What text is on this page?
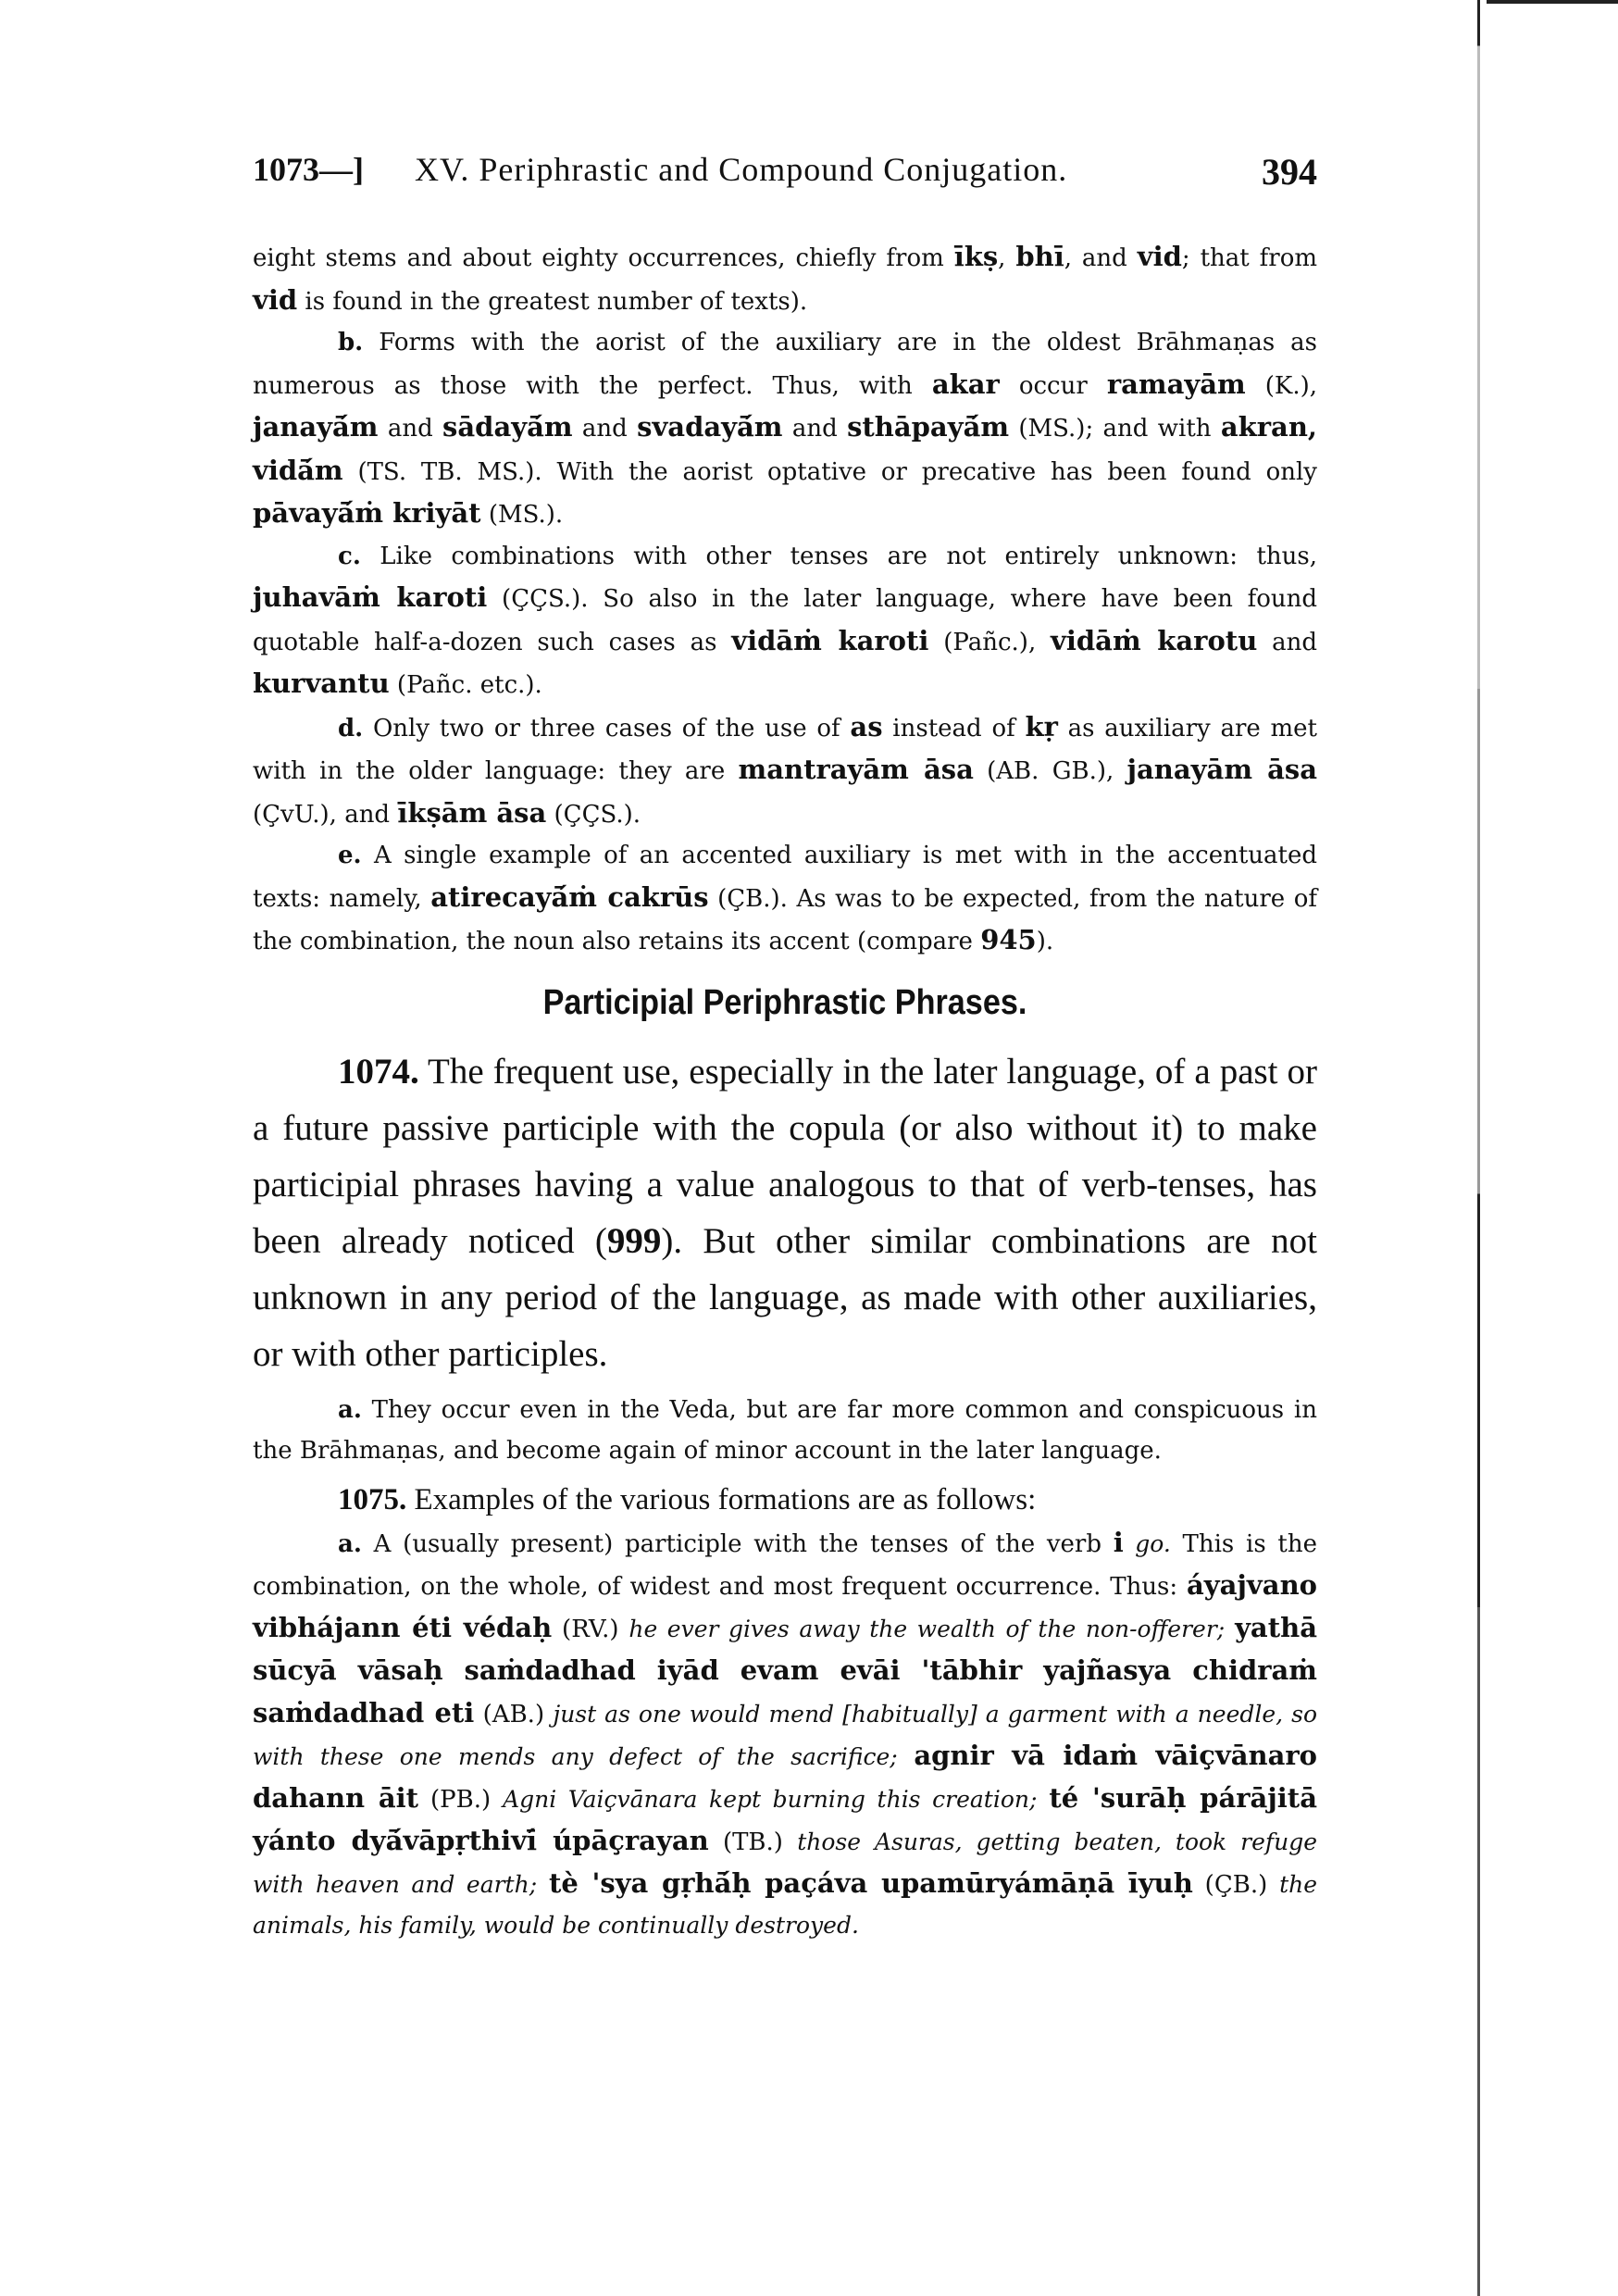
1073—] XV. Periphrastic and Compound Conjugation.	394

eight stems and about eighty occurrences, chiefly from īkṣ, bhī, and vid; that from vid is found in the greatest number of texts).

b. Forms with the aorist of the auxiliary are in the oldest Brāhmaṇas as numerous as those with the perfect. Thus, with akar occur ramayām (K.), janayā́m and sādayā́m and svadayā́m and sthāpayā́m (MS.); and with akran, vidā́m (TS. TB. MS.). With the aorist optative or precative has been found only pāvayā́ṁ kriyāt (MS.).

c. Like combinations with other tenses are not entirely unknown: thus, juhavāṁ karoti (ÇÇS.). So also in the later language, where have been found quotable half-a-dozen such cases as vidāṁ karoti (Pañc.), vidāṁ karotu and kurvantu (Pañc. etc.).

d. Only two or three cases of the use of as instead of kṛ as auxiliary are met with in the older language: they are mantrayām āsa (AB. GB.), janayām āsa (ÇvU.), and īkṣām āsa (ÇÇS.).

e. A single example of an accented auxiliary is met with in the accentuated texts: namely, atirecayā́ṁ cakrūs (ÇB.). As was to be expected, from the nature of the combination, the noun also retains its accent (compare 945).

Participial Periphrastic Phrases.

1074. The frequent use, especially in the later language, of a past or a future passive participle with the copula (or also without it) to make participial phrases having a value analogous to that of verb-tenses, has been already noticed (999). But other similar combinations are not unknown in any period of the language, as made with other auxiliaries, or with other participles.

a. They occur even in the Veda, but are far more common and conspicuous in the Brāhmaṇas, and become again of minor account in the later language.

1075. Examples of the various formations are as follows:

a. A (usually present) participle with the tenses of the verb i go. This is the combination, on the whole, of widest and most frequent occurrence. Thus: áyajvano vibhájann éti védaḥ (RV.) he ever gives away the wealth of the non-offerer; yathā sūcyā vāsaḥ saṁdadhad iyād evam evāi 'tābhir yajñasya chidraṁ saṁdadhad eti (AB.) just as one would mend [habitually] a garment with a needle, so with these one mends any defect of the sacrifice; agnir vā idaṁ vāiçvānaro dahann āit (PB.) Agni Vaiçvānara kept burning this creation; té 'surāḥ párājitā yánto dyā́vāpṛthivī́ úpāçrayan (TB.) those Asuras, getting beaten, took refuge with heaven and earth; tè 'sya gṛhā́ḥ paçáva upamūryámāṇā īyuḥ (ÇB.) the animals, his family, would be continually destroyed.
